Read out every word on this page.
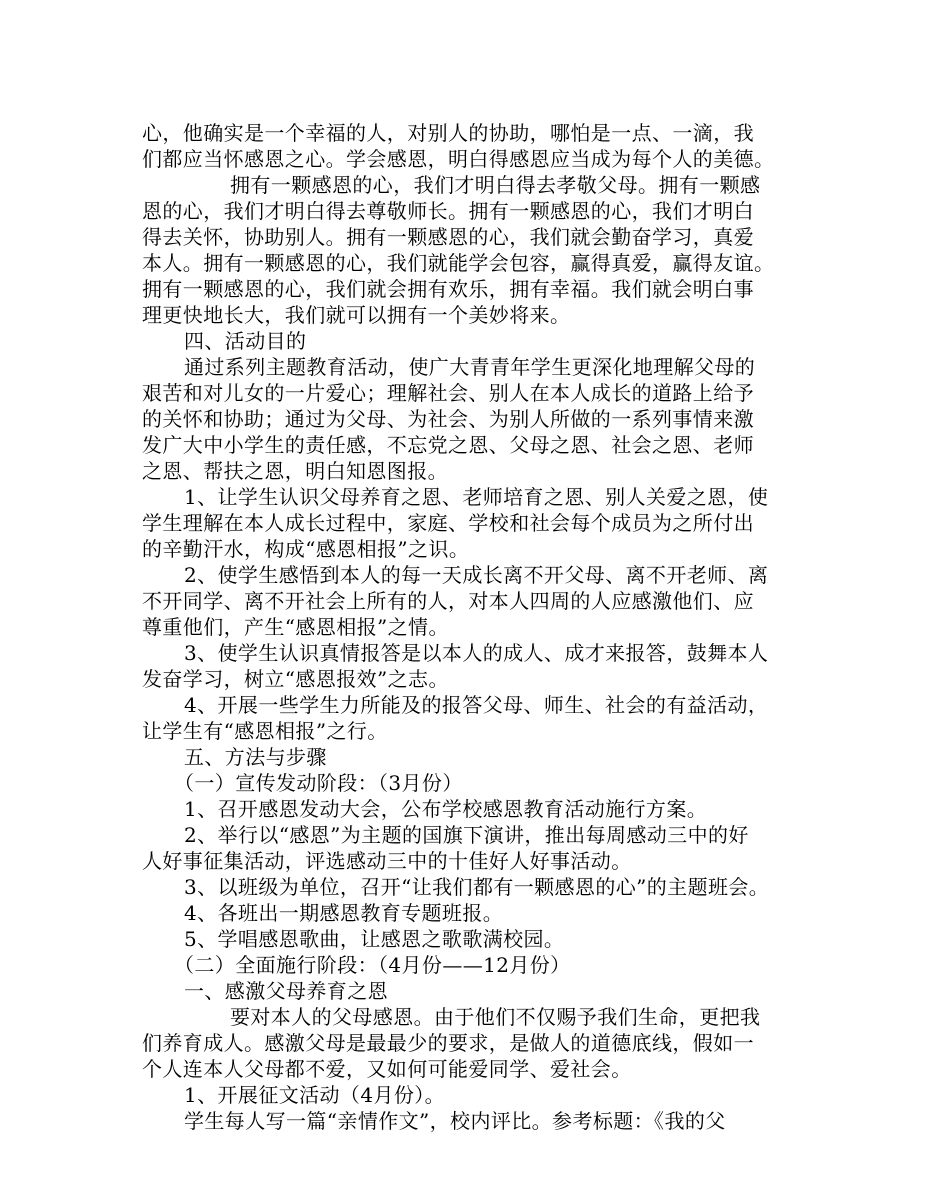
心，他确实是一个幸福的人，对别人的协助，哪怕是一点、一滴，我
们都应当怀感恩之心。学会感恩，明白得感恩应当成为每个人的美德。
拥有一颗感恩的心，我们才明白得去孝敬父母。拥有一颗感
恩的心，我们才明白得去尊敬师长。拥有一颗感恩的心，我们才明白
得去关怀，协助别人。拥有一颗感恩的心，我们就会勤奋学习，真爱
本人。拥有一颗感恩的心，我们就能学会包容，赢得真爱，赢得友谊。
拥有一颗感恩的心，我们就会拥有欢乐，拥有幸福。我们就会明白事
理更快地长大，我们就可以拥有一个美妙将来。
四、活动目的
通过系列主题教育活动，使广大青青年学生更深化地理解父母的
艰苦和对儿女的一片爱心；理解社会、别人在本人成长的道路上给予
的关怀和协助；通过为父母、为社会、为别人所做的一系列事情来激
发广大中小学生的责任感，不忘党之恩、父母之恩、社会之恩、老师
之恩、帮扶之恩，明白知恩图报。
1、让学生认识父母养育之恩、老师培育之恩、别人关爱之恩，使
学生理解在本人成长过程中，家庭、学校和社会每个成员为之所付出
的辛勤汗水，构成“感恩相报”之识。
2、使学生感悟到本人的每一天成长离不开父母、离不开老师、离
不开同学、离不开社会上所有的人，对本人四周的人应感激他们、应
尊重他们，产生“感恩相报”之情。
3、使学生认识真情报答是以本人的成人、成才来报答，鼓舞本人
发奋学习，树立“感恩报效”之志。
4、开展一些学生力所能及的报答父母、师生、社会的有益活动，
让学生有“感恩相报”之行。
五、方法与步骤
（一）宣传发动阶段：（3月份）
1、召开感恩发动大会，公布学校感恩教育活动施行方案。
2、举行以“感恩”为主题的国旗下演讲，推出每周感动三中的好
人好事征集活动，评选感动三中的十佳好人好事活动。
3、以班级为单位，召开“让我们都有一颗感恩的心”的主题班会。
4、各班出一期感恩教育专题班报。
5、学唱感恩歌曲，让感恩之歌歌满校园。
（二）全面施行阶段：（4月份——12月份）
一、感激父母养育之恩
要对本人的父母感恩。由于他们不仅赐予我们生命，更把我
们养育成人。感激父母是最最少的要求，是做人的道德底线，假如一
个人连本人父母都不爱，又如何可能爱同学、爱社会。
1、开展征文活动（4月份）。
学生每人写一篇“亲情作文”，校内评比。参考标题：《我的父
